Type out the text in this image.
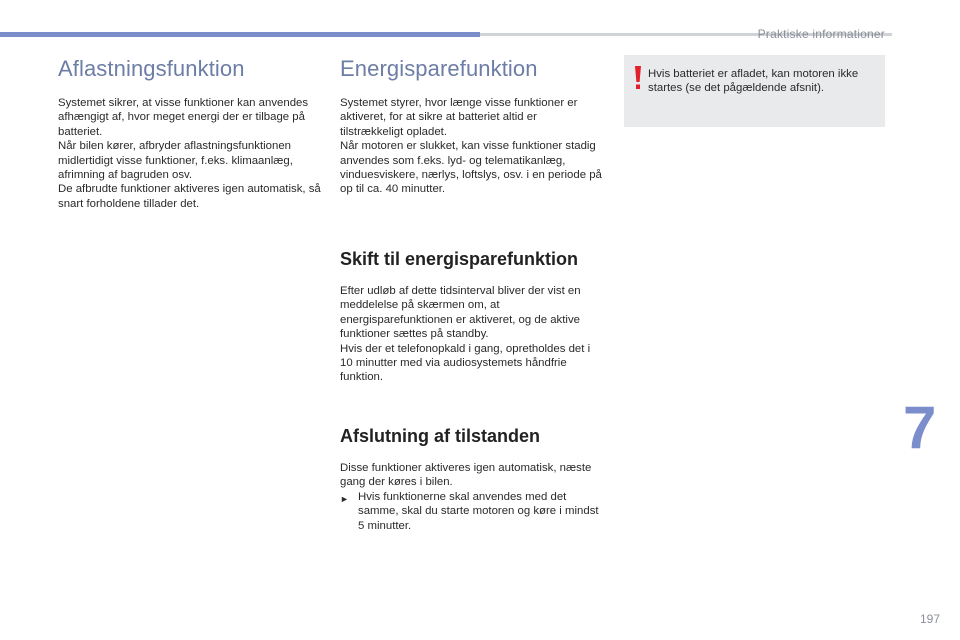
Praktiske informationer
Aflastningsfunktion

Systemet sikrer, at visse funktioner kan anvendes afhængigt af, hvor meget energi der er tilbage på batteriet.

Når bilen kører, afbryder aflastningsfunktionen midlertidigt visse funktioner, f.eks. klimaanlæg, afrimning af bagruden osv.

De afbrudte funktioner aktiveres igen automatisk, så snart forholdene tillader det.

Energisparefunktion

Systemet styrer, hvor længe visse funktioner er aktiveret, for at sikre at batteriet altid er tilstrækkeligt opladet.

Når motoren er slukket, kan visse funktioner stadig anvendes som f.eks. lyd- og telematikanlæg, vinduesviskere, nærlys, loftslys, osv. i en periode på op til ca. 40 minutter.

Skift til energisparefunktion

Efter udløb af dette tidsinterval bliver der vist en meddelelse på skærmen om, at energisparefunktionen er aktiveret, og de aktive funktioner sættes på standby.

Hvis der et telefonopkald i gang, opretholdes det i 10 minutter med via audiosystemets håndfrie funktion.

Afslutning af tilstanden

Disse funktioner aktiveres igen automatisk, næste gang der køres i bilen.

► Hvis funktionerne skal anvendes med det samme, skal du starte motoren og køre i mindst 5 minutter.
Hvis batteriet er afladet, kan motoren ikke startes (se det pågældende afsnit).
7
197
